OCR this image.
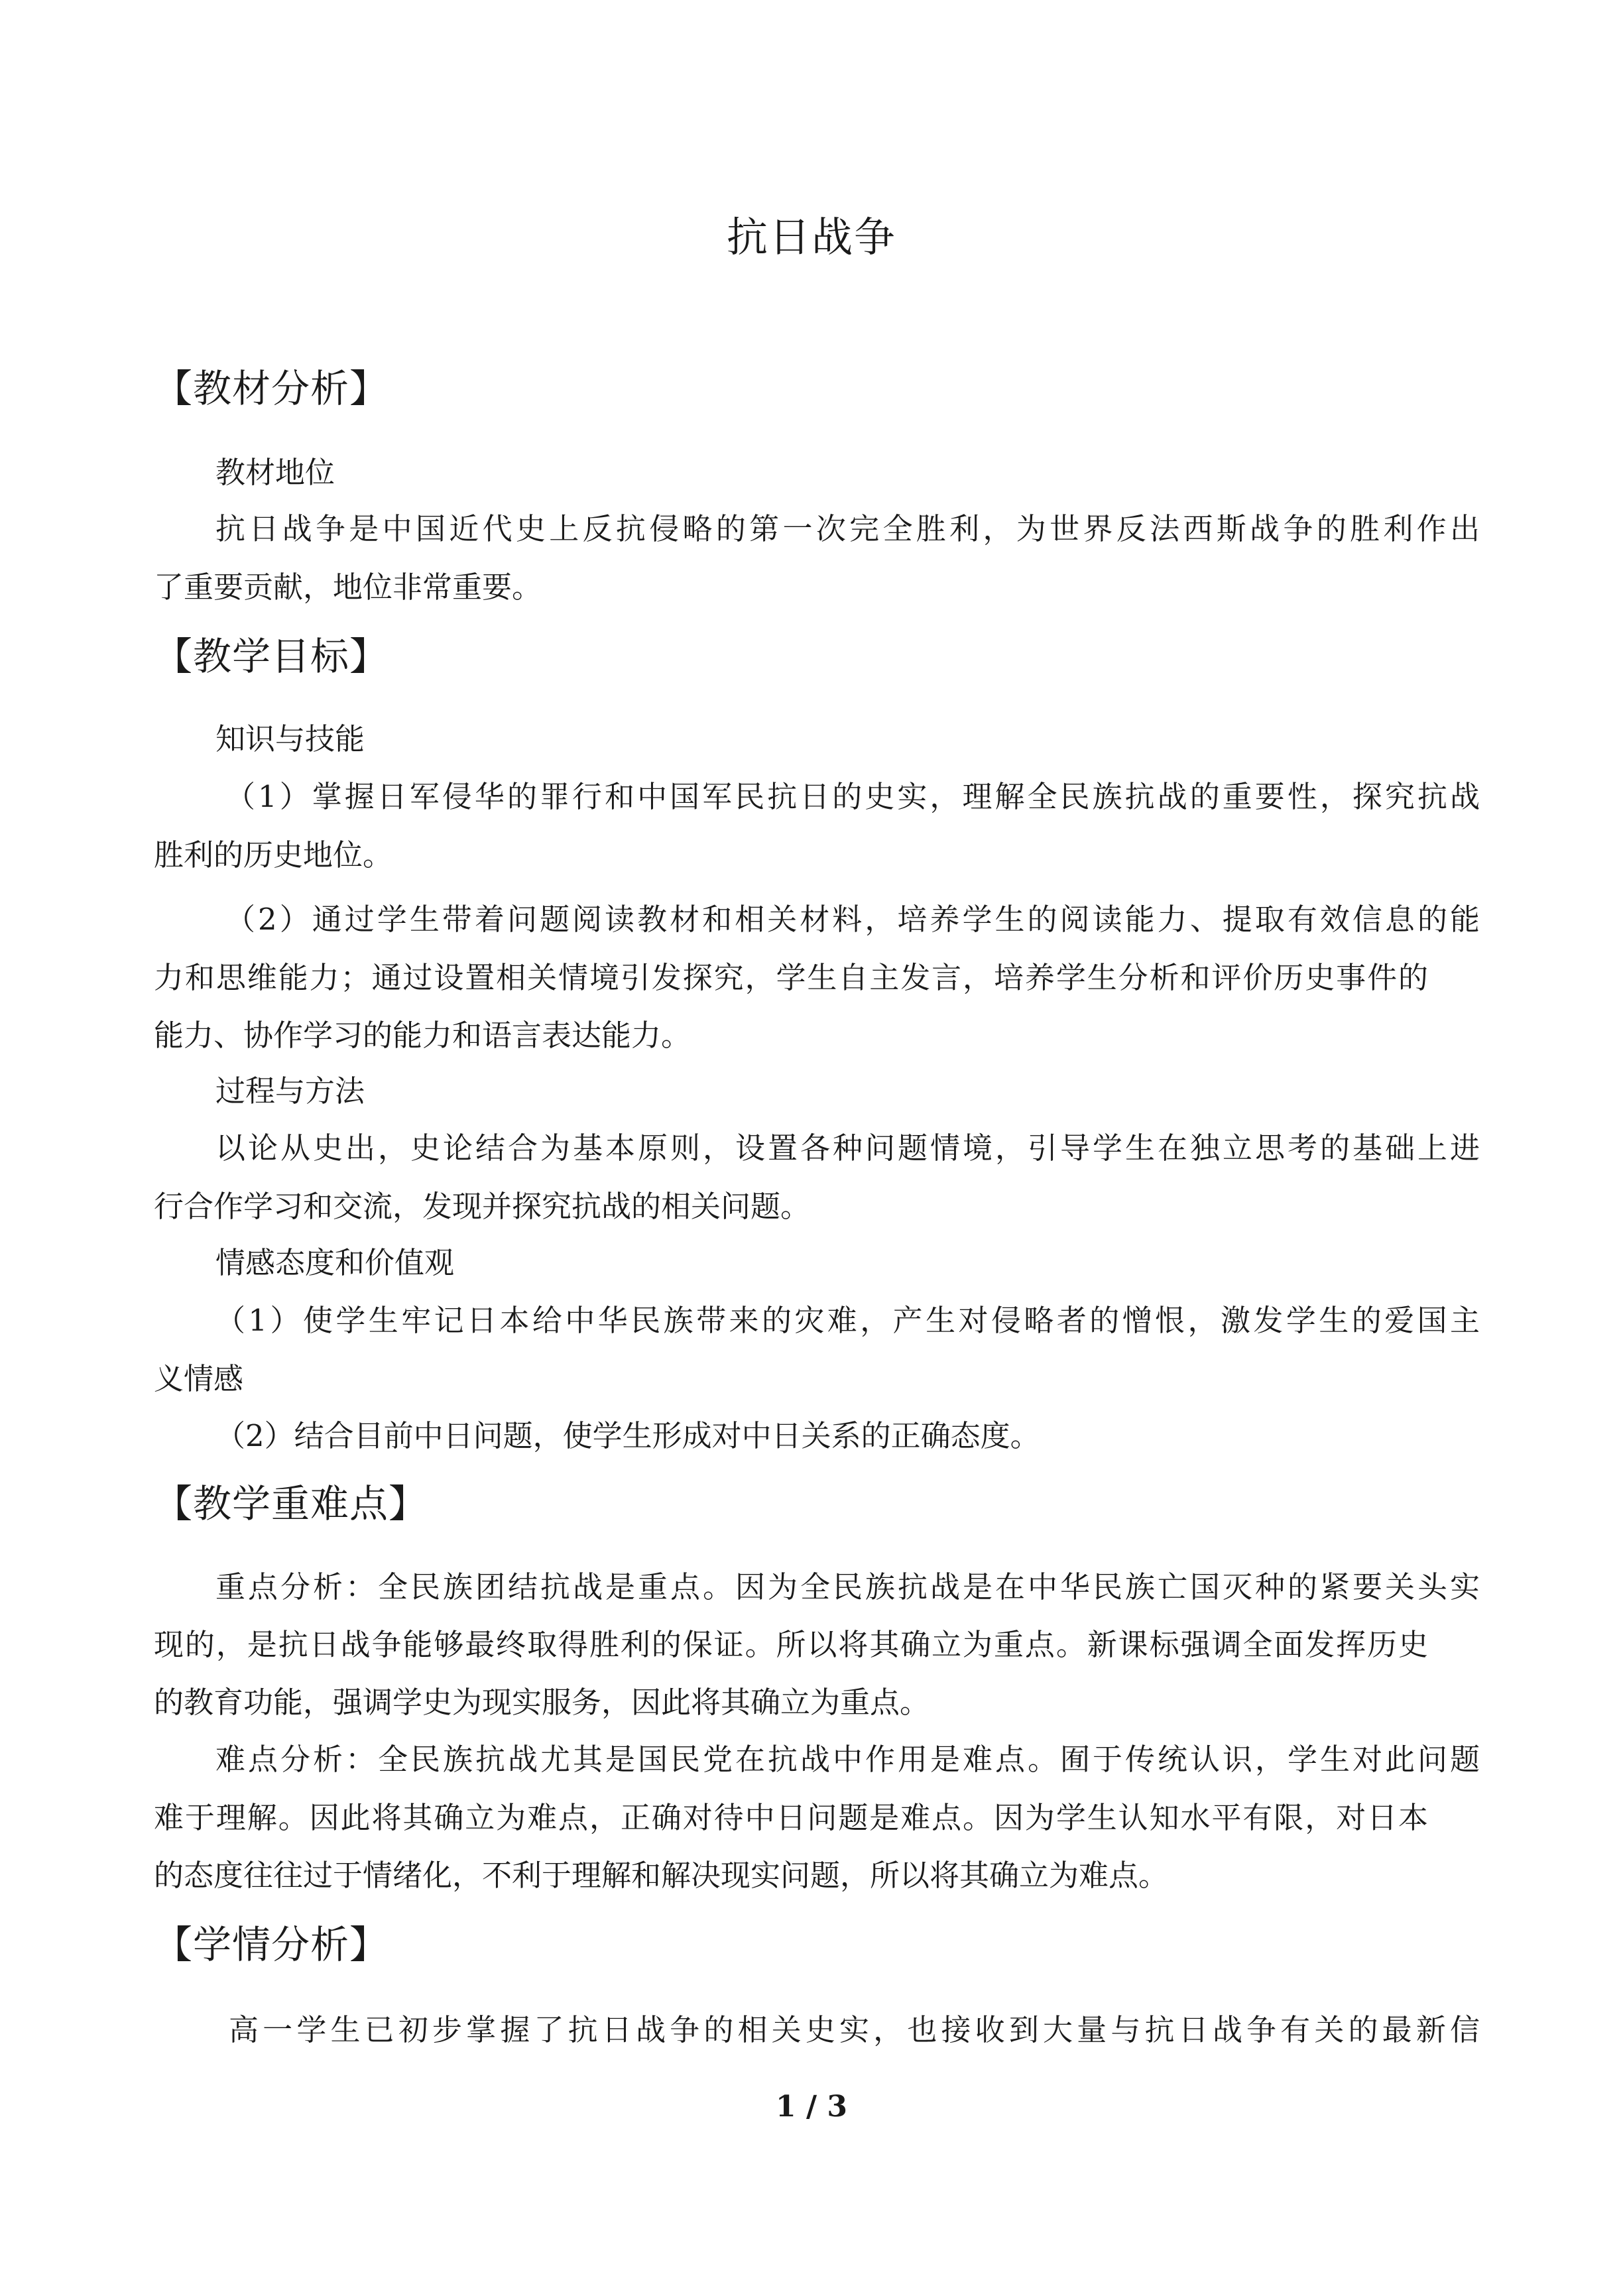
抗日战争
【教材分析】
教材地位
抗日战争是中国近代史上反抗侵略的第一次完全胜利，为世界反法西斯战争的胜利作出
了重要贡献，地位非常重要。
【教学目标】
知识与技能
（1）掌握日军侵华的罪行和中国军民抗日的史实，理解全民族抗战的重要性，探究抗战
胜利的历史地位。
（2）通过学生带着问题阅读教材和相关材料，培养学生的阅读能力、提取有效信息的能
力和思维能力；通过设置相关情境引发探究，学生自主发言，培养学生分析和评价历史事件的
能力、协作学习的能力和语言表达能力。
过程与方法
以论从史出，史论结合为基本原则，设置各种问题情境，引导学生在独立思考的基础上进
行合作学习和交流，发现并探究抗战的相关问题。
情感态度和价值观
（1）使学生牢记日本给中华民族带来的灾难，产生对侵略者的憎恨，激发学生的爱国主
义情感
（2）结合目前中日问题，使学生形成对中日关系的正确态度。
【教学重难点】
重点分析：全民族团结抗战是重点。因为全民族抗战是在中华民族亡国灭种的紧要关头实
现的，是抗日战争能够最终取得胜利的保证。所以将其确立为重点。新课标强调全面发挥历史
的教育功能，强调学史为现实服务，因此将其确立为重点。
难点分析：全民族抗战尤其是国民党在抗战中作用是难点。囿于传统认识，学生对此问题
难于理解。因此将其确立为难点，正确对待中日问题是难点。因为学生认知水平有限，对日本
的态度往往过于情绪化，不利于理解和解决现实问题，所以将其确立为难点。
【学情分析】
高一学生已初步掌握了抗日战争的相关史实，也接收到大量与抗日战争有关的最新信
1 / 3
